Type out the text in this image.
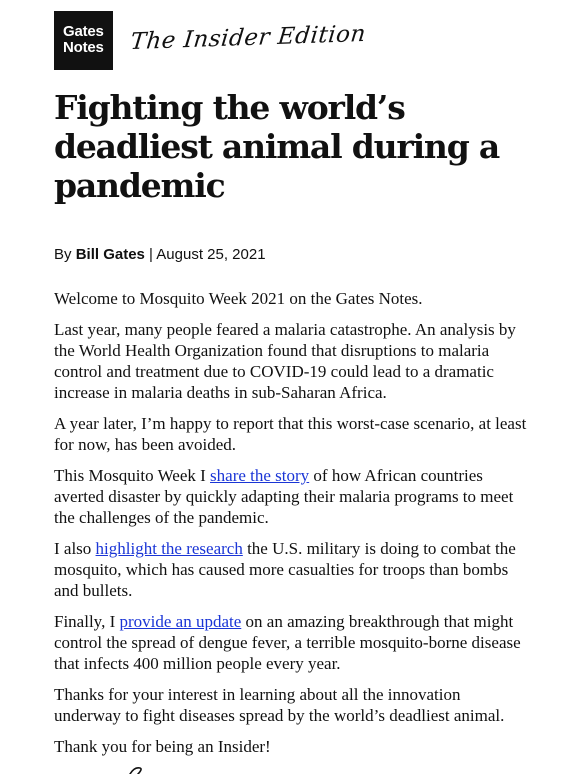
Gates
Notes	The Insider Edition
Fighting the world’s deadliest animal during a pandemic
By Bill Gates | August 25, 2021

Welcome to Mosquito Week 2021 on the Gates Notes.

Last year, many people feared a malaria catastrophe. An analysis by the World Health Organization found that disruptions to malaria control and treatment due to COVID-19 could lead to a dramatic increase in malaria deaths in sub-Saharan Africa.

A year later, I’m happy to report that this worst-case scenario, at least for now, has been avoided.

This Mosquito Week I share the story of how African countries averted disaster by quickly adapting their malaria programs to meet the challenges of the pandemic.

I also highlight the research the U.S. military is doing to combat the mosquito, which has caused more casualties for troops than bombs and bullets.

Finally, I provide an update on an amazing breakthrough that might control the spread of dengue fever, a terrible mosquito-borne disease that infects 400 million people every year.

Thanks for your interest in learning about all the innovation underway to fight diseases spread by the world’s deadliest animal.

Thank you for being an Insider!
